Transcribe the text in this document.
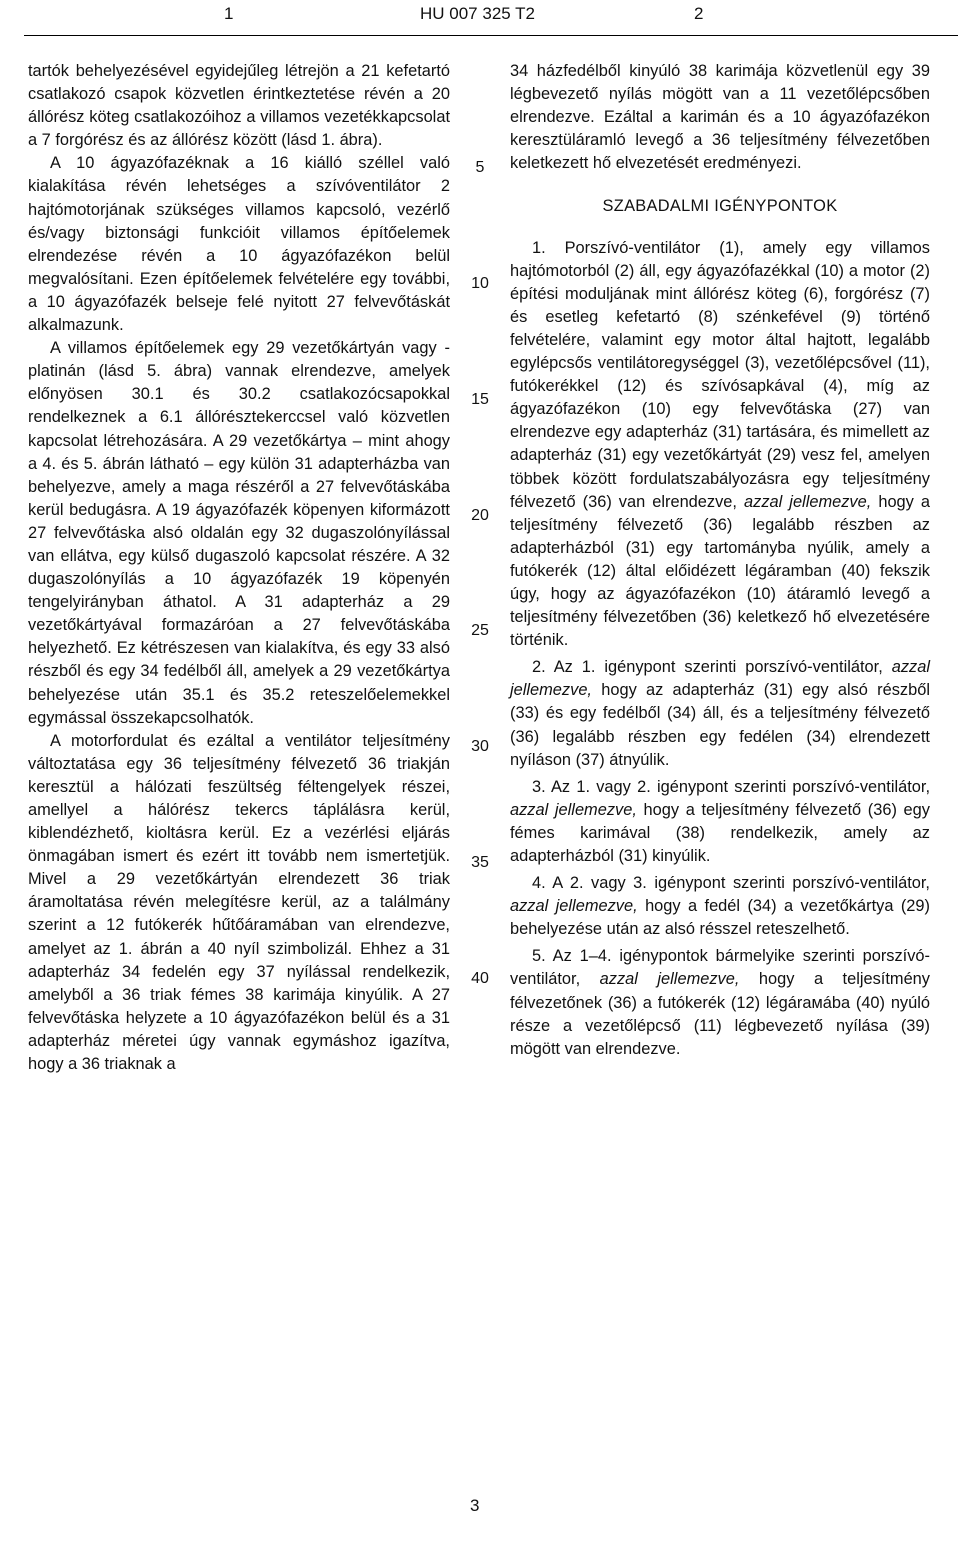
1	HU 007 325 T2	2

tartók behelyezésével egyidejűleg létrejön a 21 kefetartó csatlakozó csapok közvetlen érintkeztetése révén a 20 állórész köteg csatlakozóihoz a villamos vezetékkapcsolat a 7 forgórész és az állórész között (lásd 1. ábra).

A 10 ágyazófazéknak a 16 kiálló széllel való kialakítása révén lehetséges a szívóventilátor 2 hajtómotorjának szükséges villamos kapcsoló, vezérlő és/vagy biztonsági funkcióit villamos építőelemek elrendezése révén a 10 ágyazófazékon belül megvalósítani. Ezen építőelemek felvételére egy további, a 10 ágyazófazék belseje felé nyitott 27 felvevőtáskát alkalmazunk.

A villamos építőelemek egy 29 vezetőkártyán vagy -platinán (lásd 5. ábra) vannak elrendezve, amelyek előnyösen 30.1 és 30.2 csatlakozócsapokkal rendelkeznek a 6.1 állórésztekerccsel való közvetlen kapcsolat létrehozására. A 29 vezetőkártya – mint ahogy a 4. és 5. ábrán látható – egy külön 31 adapterházba van behelyezve, amely a maga részéről a 27 felvevőtáskába kerül bedugásra. A 19 ágyazófazék köpenyen kiformázott 27 felvevőtáska alsó oldalán egy 32 dugaszolónyílással van ellátva, egy külső dugaszoló kapcsolat részére. A 32 dugaszolónyílás a 10 ágyazófazék 19 köpenyén tengelyirányban áthatol. A 31 adapterház a 29 vezetőkártyával formazáróan a 27 felvevőtáskába helyezhető. Ez kétrészesen van kialakítva, és egy 33 alsó részből és egy 34 fedélből áll, amelyek a 29 vezetőkártya behelyezése után 35.1 és 35.2 reteszelőelemekkel egymással összekapcsolhatók.

A motorfordulat és ezáltal a ventilátor teljesítmény változtatása egy 36 teljesítmény félvezető 36 triakján keresztül a hálózati feszültség féltengelyek részei, amellyel a hálórész tekercs táplálásra kerül, kiblendézhető, kioltásra kerül. Ez a vezérlési eljárás önmagában ismert és ezért itt tovább nem ismertetjük. Mivel a 29 vezetőkártyán elrendezett 36 triak áramoltatása révén melegítésre kerül, az a találmány szerint a 12 futókerék hűtőáramában van elrendezve, amelyet az 1. ábrán a 40 nyíl szimbolizál. Ehhez a 31 adapterház 34 fedelén egy 37 nyílással rendelkezik, amelyből a 36 triak fémes 38 karimája kinyúlik. A 27 felvevőtáska helyzete a 10 ágyazófazékon belül és a 31 adapterház méretei úgy vannak egymáshoz igazítva, hogy a 36 triaknak a

5
10
15
20
25
30
35
40

34 házfedélből kinyúló 38 karimája közvetlenül egy 39 légbevezető nyílás mögött van a 11 vezetőlépcsőben elrendezve. Ezáltal a karimán és a 10 ágyazófazékon keresztüláramló levegő a 36 teljesítmény félvezetőben keletkezett hő elvezetését eredményezi.

SZABADALMI IGÉNYPONTOK

1. Porszívó-ventilátor (1), amely egy villamos hajtómotorból (2) áll, egy ágyazófazékkal (10) a motor (2) építési moduljának mint állórész köteg (6), forgórész (7) és esetleg kefetartó (8) szénkefével (9) történő felvételére, valamint egy motor által hajtott, legalább egylépcsős ventilátoregységgel (3), vezetőlépcsővel (11), futókerékkel (12) és szívósapkával (4), míg az ágyazófazékon (10) egy felvevőtáska (27) van elrendezve egy adapterház (31) tartására, és mimellett az adapterház (31) egy vezetőkártyát (29) vesz fel, amelyen többek között fordulatszabályozásra egy teljesítmény félvezető (36) van elrendezve, azzal jellemezve, hogy a teljesítmény félvezető (36) legalább részben az adapterházból (31) egy tartományba nyúlik, amely a futókerék (12) által előidézett légáramban (40) fekszik úgy, hogy az ágyazófazékon (10) átáramló levegő a teljesítmény félvezetőben (36) keletkező hő elvezetésére történik.

2. Az 1. igénypont szerinti porszívó-ventilátor, azzal jellemezve, hogy az adapterház (31) egy alsó részből (33) és egy fedélből (34) áll, és a teljesítmény félvezető (36) legalább részben egy fedélen (34) elrendezett nyíláson (37) átnyúlik.

3. Az 1. vagy 2. igénypont szerinti porszívó-ventilátor, azzal jellemezve, hogy a teljesítmény félvezető (36) egy fémes karimával (38) rendelkezik, amely az adapterházból (31) kinyúlik.

4. A 2. vagy 3. igénypont szerinti porszívó-ventilátor, azzal jellemezve, hogy a fedél (34) a vezetőkártya (29) behelyezése után az alsó résszel reteszelhető.

5. Az 1–4. igénypontok bármelyike szerinti porszívó-ventilátor, azzal jellemezve, hogy a teljesítmény félvezetőnek (36) a futókerék (12) légárамába (40) nyúló része a vezetőlépcső (11) légbevezető nyílása (39) mögött van elrendezve.

3
